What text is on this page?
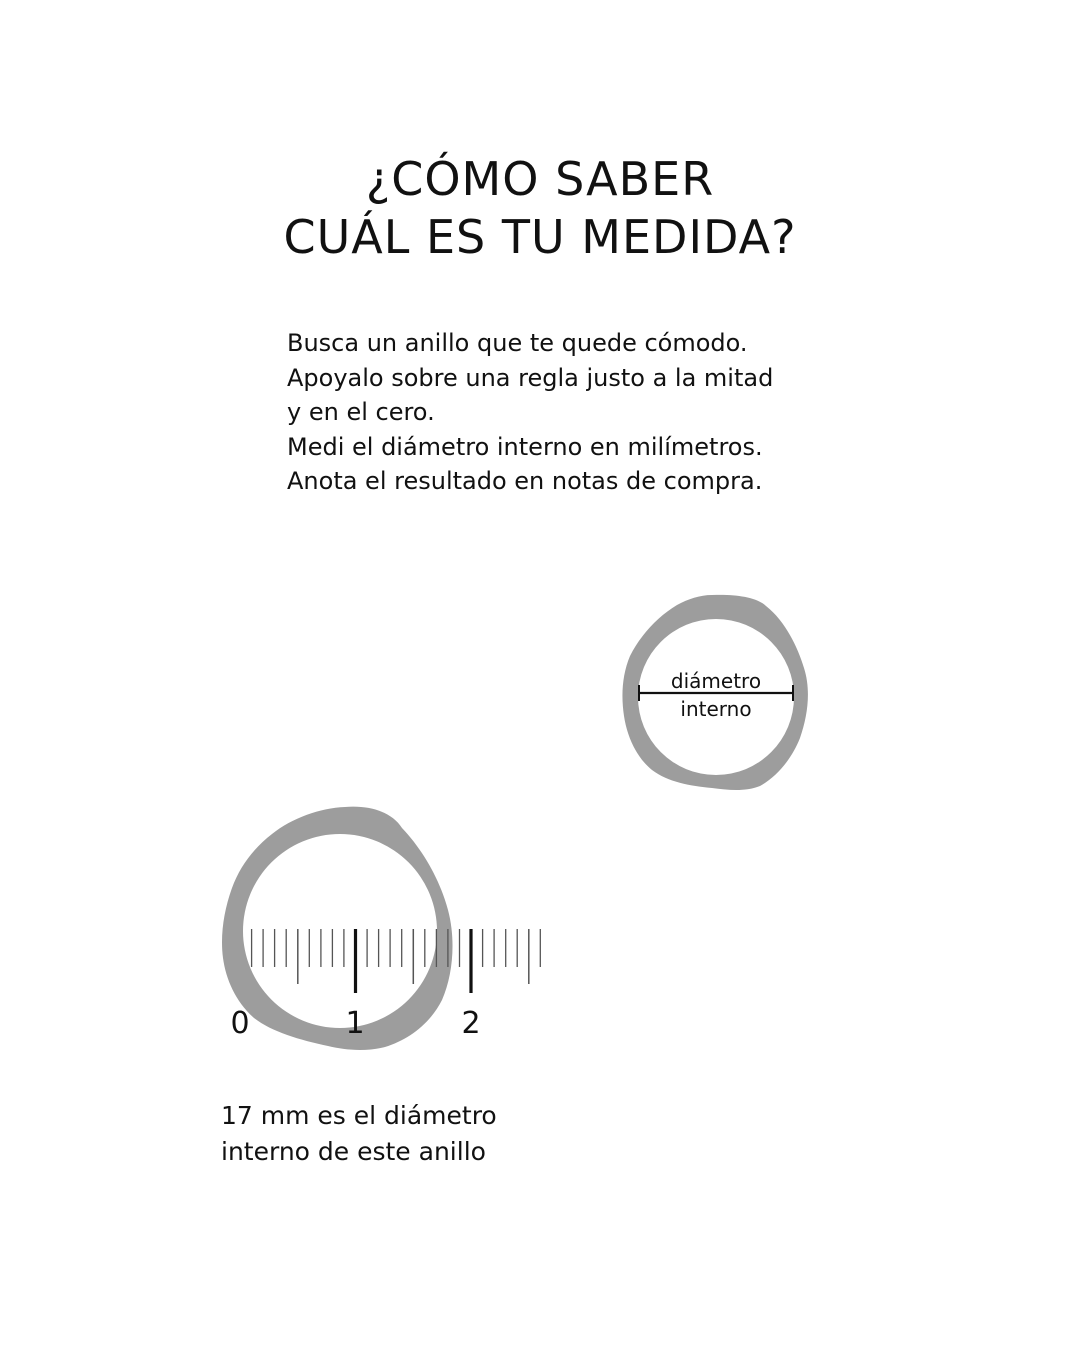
¿CÓMO SABER
CUÁL ES TU MEDIDA?

Busca un anillo que te quede cómodo.
Apoyalo sobre una regla justo a la mitad
y en el cero.
Medi el diámetro interno en milímetros.
Anota el resultado en notas de compra.

diámetro
interno
0	1	2

17 mm es el diámetro
interno de este anillo
